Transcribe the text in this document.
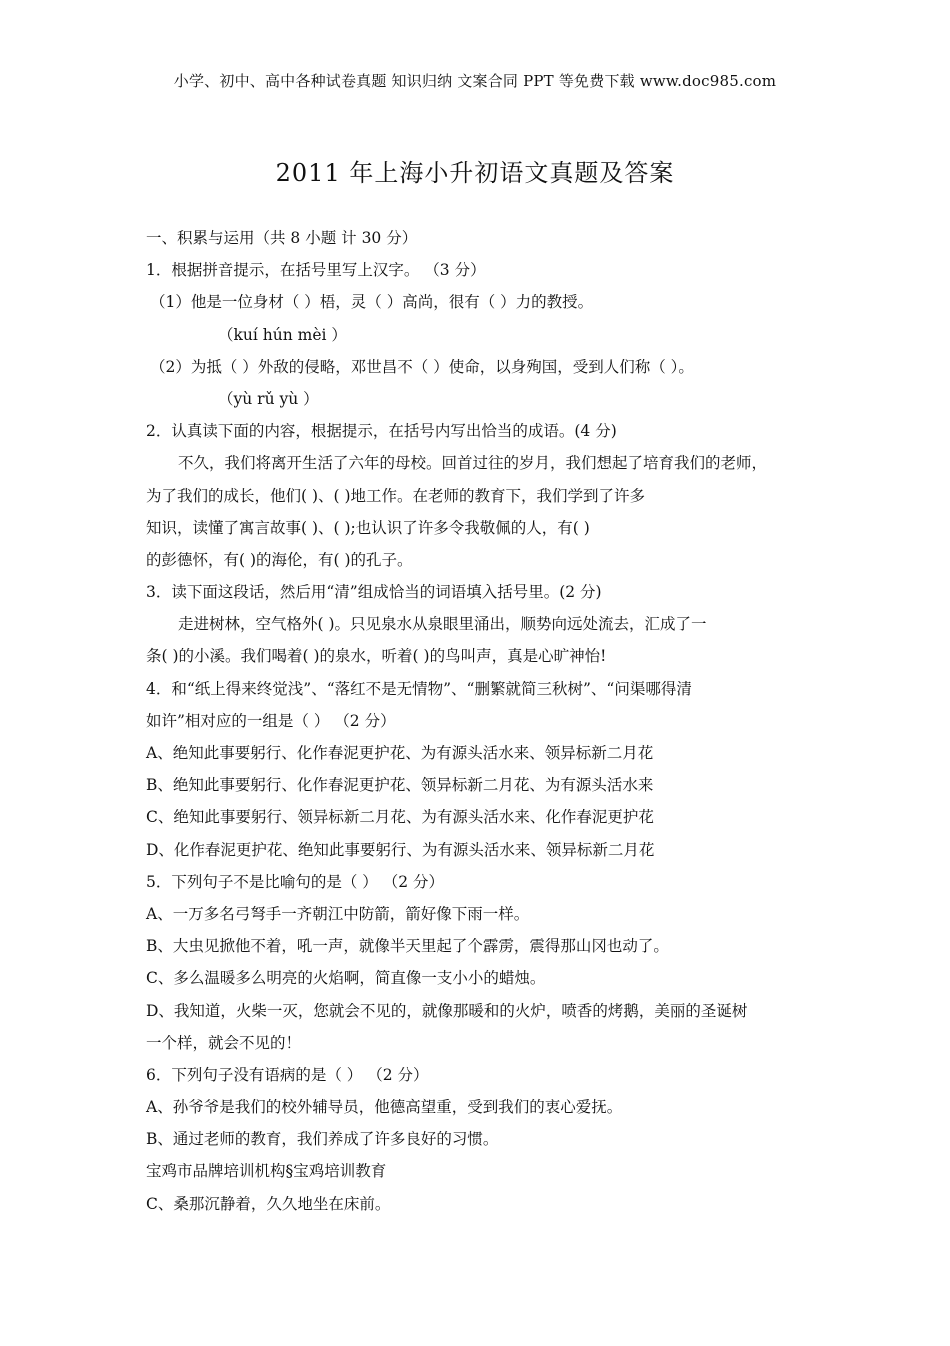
小学、初中、高中各种试卷真题 知识归纳 文案合同 PPT 等免费下载 www.doc985.com
2011 年上海小升初语文真题及答案
一、积累与运用（共 8 小题 计 30 分）
1．根据拼音提示，在括号里写上汉字。 （3 分）
（1）他是一位身材（ ）梧，灵（ ）高尚，很有（ ）力的教授。
（kuí hún mèi ）
（2）为抵（ ）外敌的侵略，邓世昌不（ ）使命，以身殉国，受到人们称（ ）。
（yù rǔ yù ）
2．认真读下面的内容，根据提示，在括号内写出恰当的成语。(4 分)
不久，我们将离开生活了六年的母校。回首过往的岁月，我们想起了培育我们的老师，
为了我们的成长，他们( )、( )地工作。在老师的教育下，我们学到了许多
知识，读懂了寓言故事( )、( );也认识了许多令我敬佩的人，有( )
的彭德怀，有( )的海伦，有( )的孔子。
3．读下面这段话，然后用“清”组成恰当的词语填入括号里。(2 分)
走进树林，空气格外( )。只见泉水从泉眼里涌出，顺势向远处流去，汇成了一
条( )的小溪。我们喝着( )的泉水，听着( )的鸟叫声，真是心旷神怡!
4．和“纸上得来终觉浅”、“落红不是无情物”、“删繁就简三秋树”、“问渠哪得清
如许”相对应的一组是（ ） （2 分）
A、绝知此事要躬行、化作春泥更护花、为有源头活水来、领异标新二月花
B、绝知此事要躬行、化作春泥更护花、领异标新二月花、为有源头活水来
C、绝知此事要躬行、领异标新二月花、为有源头活水来、化作春泥更护花
D、化作春泥更护花、绝知此事要躬行、为有源头活水来、领异标新二月花
5．下列句子不是比喻句的是（ ） （2 分）
A、一万多名弓弩手一齐朝江中防箭，箭好像下雨一样。
B、大虫见掀他不着，吼一声，就像半天里起了个霹雳，震得那山冈也动了。
C、多么温暖多么明亮的火焰啊，简直像一支小小的蜡烛。
D、我知道，火柴一灭，您就会不见的，就像那暖和的火炉，喷香的烤鹅，美丽的圣诞树
一个样，就会不见的！
6．下列句子没有语病的是（ ） （2 分）
A、孙爷爷是我们的校外辅导员，他德高望重，受到我们的衷心爱抚。
B、通过老师的教育，我们养成了许多良好的习惯。
宝鸡市品牌培训机构§宝鸡培训教育
C、桑那沉静着，久久地坐在床前。
